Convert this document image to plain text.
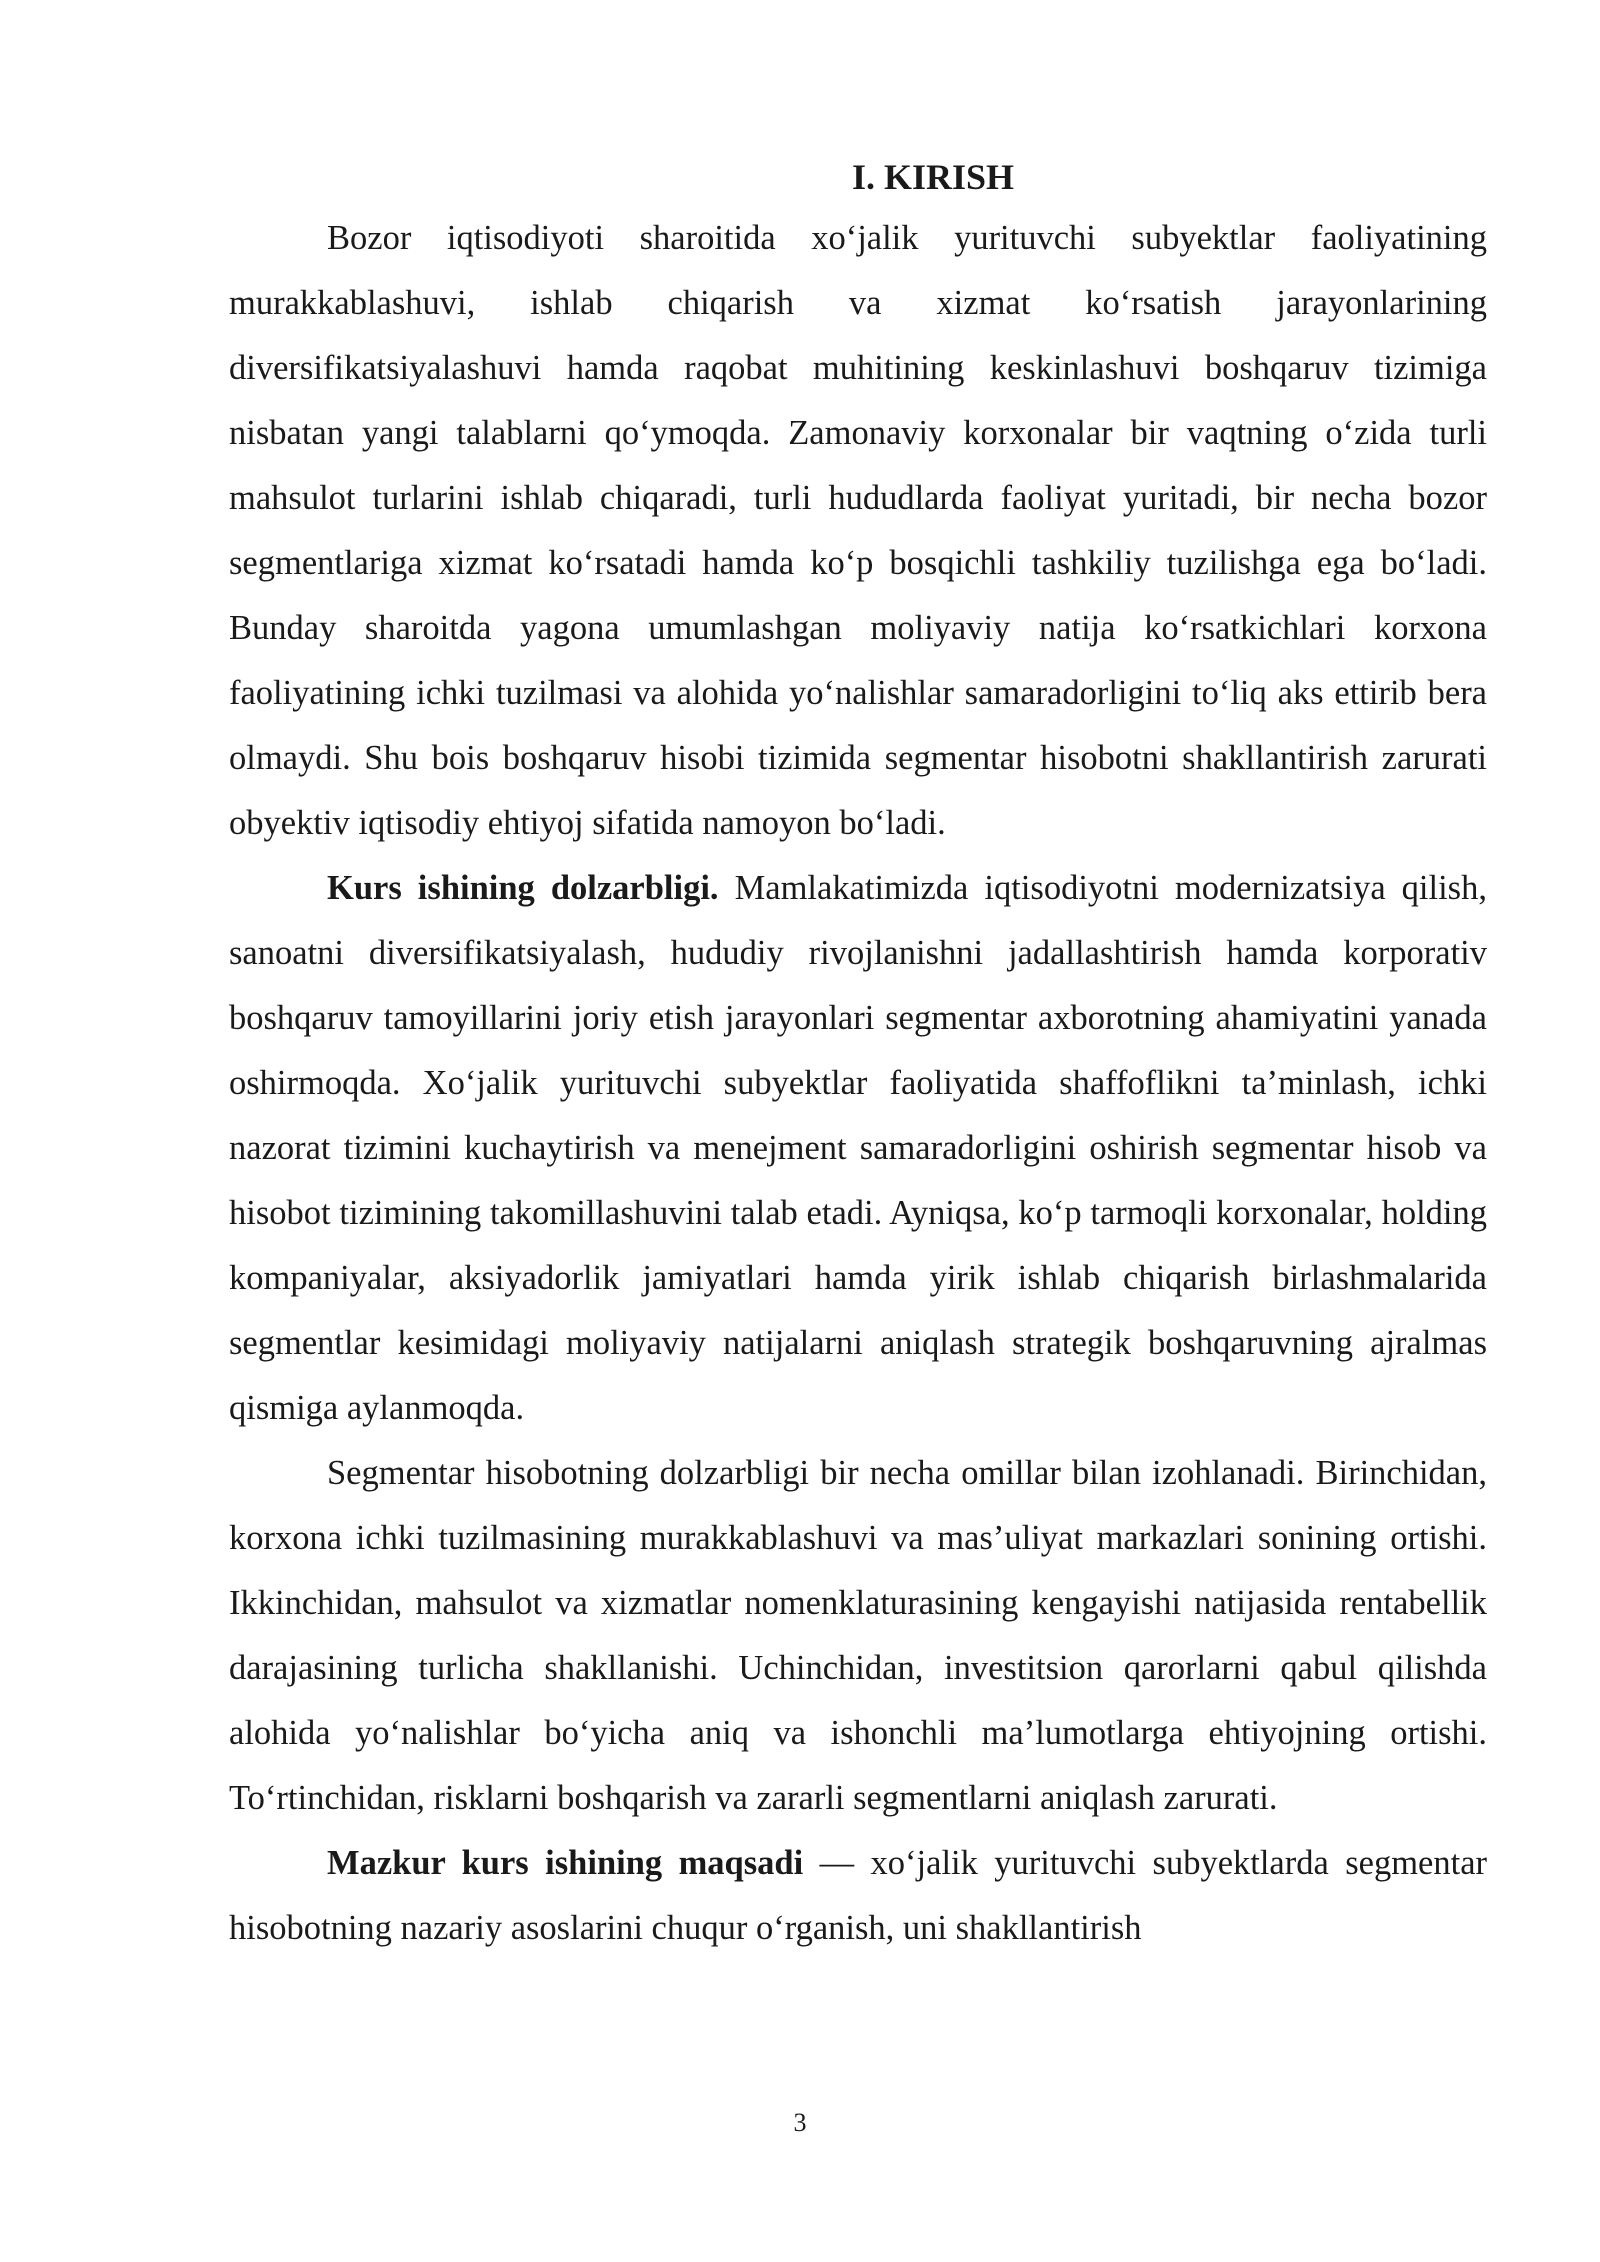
I. KIRISH

Bozor iqtisodiyoti sharoitida xo‘jalik yurituvchi subyektlar faoliyatining murakkablashuvi, ishlab chiqarish va xizmat ko‘rsatish jarayonlarining diversifikatsiyalashuvi hamda raqobat muhitining keskinlashuvi boshqaruv tizimiga nisbatan yangi talablarni qo‘ymoqda. Zamonaviy korxonalar bir vaqtning o‘zida turli mahsulot turlarini ishlab chiqaradi, turli hududlarda faoliyat yuritadi, bir necha bozor segmentlariga xizmat ko‘rsatadi hamda ko‘p bosqichli tashkiliy tuzilishga ega bo‘ladi. Bunday sharoitda yagona umumlashgan moliyaviy natija ko‘rsatkichlari korxona faoliyatining ichki tuzilmasi va alohida yo‘nalishlar samaradorligini to‘liq aks ettirib bera olmaydi. Shu bois boshqaruv hisobi tizimida segmentar hisobotni shakllantirish zarurati obyektiv iqtisodiy ehtiyoj sifatida namoyon bo‘ladi.

Kurs ishining dolzarbligi. Mamlakatimizda iqtisodiyotni modernizatsiya qilish, sanoatni diversifikatsiyalash, hududiy rivojlanishni jadallashtirish hamda korporativ boshqaruv tamoyillarini joriy etish jarayonlari segmentar axborotning ahamiyatini yanada oshirmoqda. Xo‘jalik yurituvchi subyektlar faoliyatida shaffoflikni ta’minlash, ichki nazorat tizimini kuchaytirish va menejment samaradorligini oshirish segmentar hisob va hisobot tizimining takomillashuvini talab etadi. Ayniqsa, ko‘p tarmoqli korxonalar, holding kompaniyalar, aksiyadorlik jamiyatlari hamda yirik ishlab chiqarish birlashmalarida segmentlar kesimidagi moliyaviy natijalarni aniqlash strategik boshqaruvning ajralmas qismiga aylanmoqda.

Segmentar hisobotning dolzarbligi bir necha omillar bilan izohlanadi. Birinchidan, korxona ichki tuzilmasining murakkablashuvi va mas’uliyat markazlari sonining ortishi. Ikkinchidan, mahsulot va xizmatlar nomenklaturasining kengayishi natijasida rentabellik darajasining turlicha shakllanishi. Uchinchidan, investitsion qarorlarni qabul qilishda alohida yo‘nalishlar bo‘yicha aniq va ishonchli ma’lumotlarga ehtiyojning ortishi. To‘rtinchidan, risklarni boshqarish va zararli segmentlarni aniqlash zarurati.

Mazkur kurs ishining maqsadi — xo‘jalik yurituvchi subyektlarda segmentar hisobotning nazariy asoslarini chuqur o‘rganish, uni shakllantirish

3
